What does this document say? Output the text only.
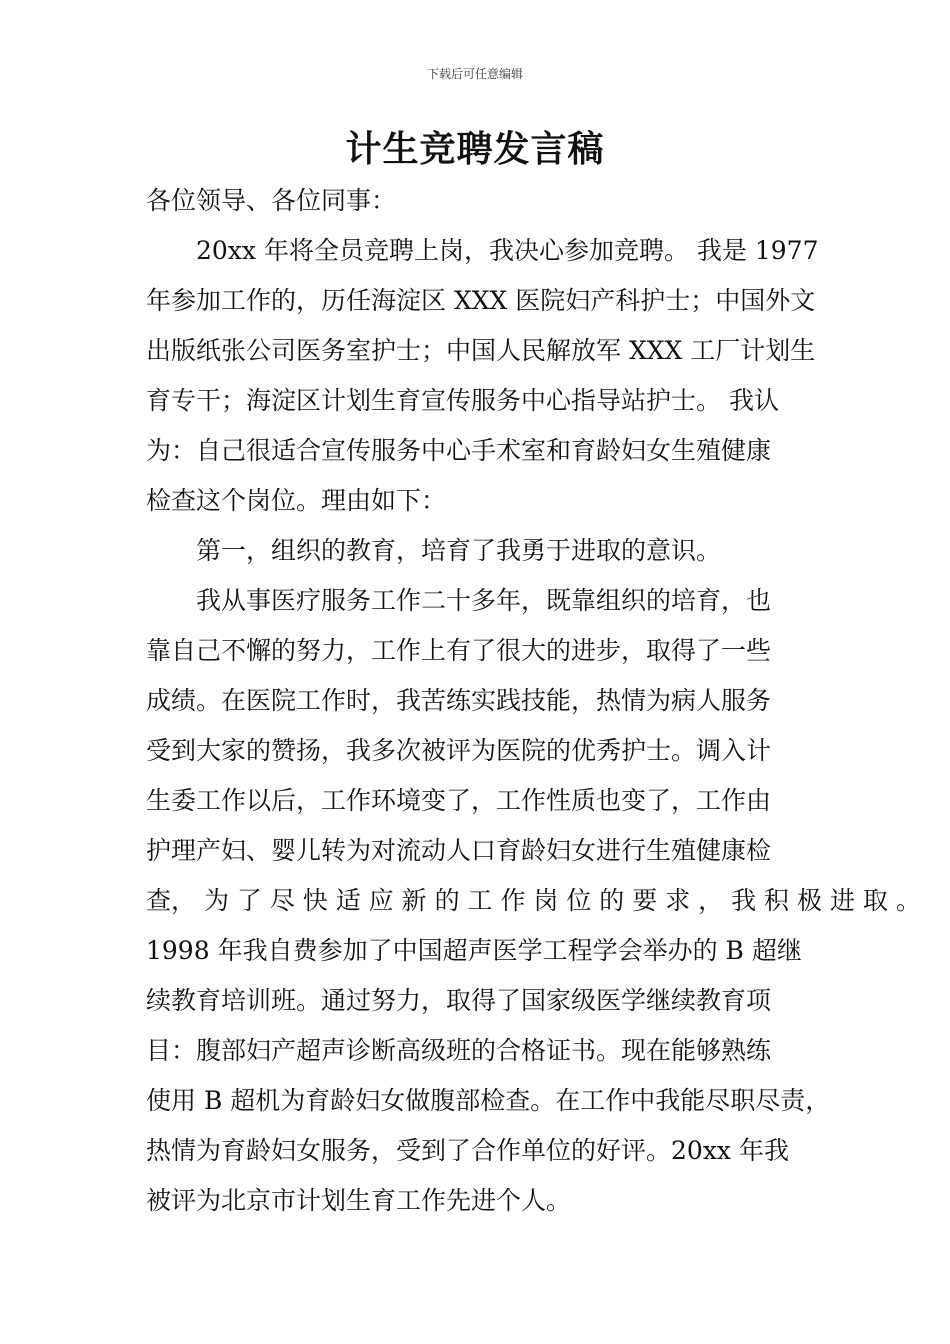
下载后可任意编辑
计生竞聘发言稿
各位领导、各位同事：
20xx 年将全员竞聘上岗，我决心参加竞聘。 我是 1977
年参加工作的，历任海淀区 XXX 医院妇产科护士；中国外文
出版纸张公司医务室护士；中国人民解放军 XXX 工厂计划生
育专干；海淀区计划生育宣传服务中心指导站护士。 我认
为：自己很适合宣传服务中心手术室和育龄妇女生殖健康
检查这个岗位。理由如下：
第一，组织的教育，培育了我勇于进取的意识。
我从事医疗服务工作二十多年，既靠组织的培育，也
靠自己不懈的努力，工作上有了很大的进步，取得了一些
成绩。在医院工作时，我苦练实践技能，热情为病人服务
受到大家的赞扬，我多次被评为医院的优秀护士。调入计
生委工作以后，工作环境变了，工作性质也变了，工作由
护理产妇、婴儿转为对流动人口育龄妇女进行生殖健康检
查， 为 了 尽 快 适 应 新 的 工 作 岗 位 的 要 求 ， 我 积 极 进 取 。
1998 年我自费参加了中国超声医学工程学会举办的 B 超继
续教育培训班。通过努力，取得了国家级医学继续教育项
目：腹部妇产超声诊断高级班的合格证书。现在能够熟练
使用 B 超机为育龄妇女做腹部检查。在工作中我能尽职尽责，
热情为育龄妇女服务，受到了合作单位的好评。20xx 年我
被评为北京市计划生育工作先进个人。
